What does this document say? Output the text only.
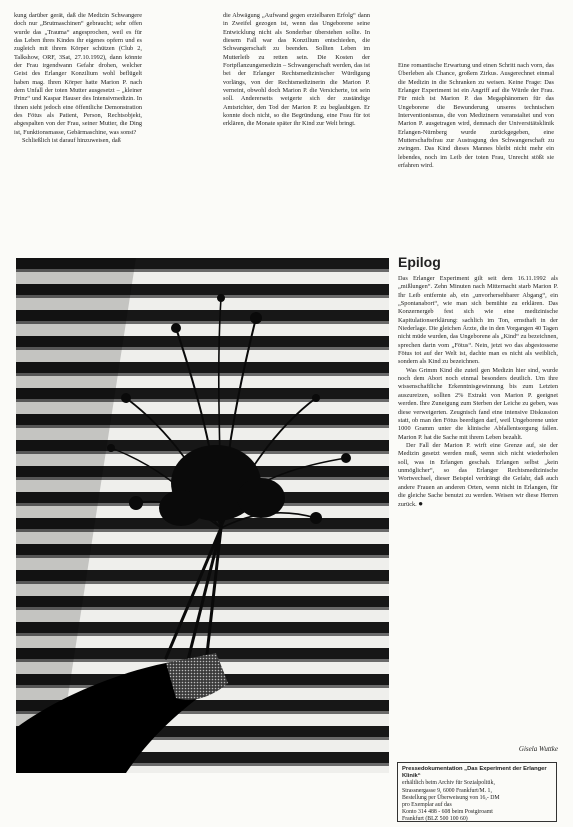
kung darüber gerät, daß die Medizin Schwangere doch nur „Brutmaschinen“ gebraucht; sehr offen wurde das „Trauma“ angesprochen, weil es für das Leben ihres Kindes ihr eigenes opfern und es zugleich mit ihrem Körper schützen (Club 2, Talkshow, ORF, 3Sat, 27.10.1992), dann könnte der Frau irgendwann Gefahr drohen, welcher Geist des Erlanger Konzilium wohl beflügelt haben mag. Ihren Körper hatte Marion P. nach dem Unfall der toten Mutter ausgesetzt – „kleiner Prinz“ und Kaspar Hauser des Intensivmedizin. In ihnen sieht jedoch eine öffentliche Demonstration des Fötus als Patient, Person, Rechtsobjekt, abgespalten von der Frau, seiner Mutter, die Ding ist, Funktionsmasse, Gebärmaschine, was sonst?

Schließlich ist darauf hinzuweisen, daß

die Abwägung „Aufwand gegen erzielbaren Erfolg“ dann in Zweifel gezogen ist, wenn das Ungeborene seine Entwicklung nicht als Sonderbar überstehen sollte. In diesem Fall war das Konzilium entschieden, die Schwangerschaft zu beenden. Sollten Leben im Mutterleib zu retten sein. Die Kosten der Fortpflanzungsmedizin – Schwangerschaft werden, das ist bei der Erlanger Rechtsmedizinischer Würdigung vorlängs, von der Rechtsmedizinerin die Marion P. verneint, obwohl doch Marion P. die Versicherte, tot sein soll. Andererseits weigerte sich der zuständige Amtsrichter, den Tod der Marion P. zu beglaubigen. Er konnte doch nicht, so die Begründung, eine Frau für tot erklären, die Monate später ihr Kind zur Welt bringt.

Eine romantische Erwartung und einen Schritt nach vorn, das Überleben als Chance, großem Zirkus. Ausgerechnet einmal die Medizin in die Schranken zu weisen. Keine Frage: Das Erlanger Experiment ist ein Angriff auf die Würde der Frau. Für mich ist Marion P. das Megaphänomen für das Ungeborene die Bewunderung unseres technischen Interventionismus, die von Medizinern veranstaltet und von Marion P. ausgetragen wird, demnach der Universitätsklinik Erlangen-Nürnberg wurde zurückgegeben, eine Mutterschaftsfrau zur Austragung des Schwangerschaft zu zwingen. Das Kind dieses Mannes bleibt nicht mehr ein lebendes, noch im Leib der toten Frau, Unrecht stößt sie erfahren wird.

Epilog

Das Erlanger Experiment gilt seit dem 16.11.1992 als „mißlungen“. Zehn Minuten nach Mitternacht starb Marion P. Ihr Leib entfernte ab, ein „unvorhersehbarer Abgang“, ein „Spontanabort“, wie man sich bemühte zu erklären. Das Konzernergeb fest sich wie eine medizinische Kapitulationserklärung: sachlich im Ton, ernsthaft in der Niederlage. Die gleichen Ärzte, die in den Vorgangen 40 Tagen nicht müde wurden, das Ungeborene als „Kind“ zu bezeichnen, sprechen darin vom „Fötus“. Nein, jetzt wo das abgestossene Fötus tot auf der Welt ist, dachte man es nicht als weiblich, sondern als Kind zu bezeichnen.

Was Grimm Kind die zuteil gen Medizin hier sind, wurde noch dem Abort noch einmal besonders deutlich. Um ihre wissenschaftliche Erkenntnisgewinnung bis zum Letzten auszureizen, sollten 2% Extrakt von Marion P. geeignet werden. Ihre Zuneigung zum Sterben der Leiche zu geben, was diese verweigerten. Zeugnisch fand eine intensive Diskussion statt, ob man den Fötus beerdigen darf, weil Ungeborene unter 1000 Gramm unter die klinische Abfallentsorgung fallen. Marion P. hat die Sache mit ihrem Leben bezahlt.

Der Fall der Marion P. wirft eine Grenze auf, sie der Medizin gesetzt werden muß, wenn sich nicht wiederholen soll, was in Erlangen geschah. Erlangen selbst „kein unmöglicher“, so das Erlanger Rechtsmedizinische Wortwechsel, dieser Beispiel verdrängt die Gefahr, daß auch andere Frauen an anderen Orten, wenn nicht in Erlangen, für die gleiche Sache benutzt zu werden. Weisen wir diese Herren zurück. ●

Gisela Wuttke

Pressedokumentation „Das Experiment der Erlanger Klinik“

erhältlich beim Archiv für Sozialpolitik,

Strassnergasse 9, 6000 Frankfurt/M. 1,

Bestellung per Überweisung von 16,- DM

pro Exemplar auf das

Konto 314 488 - 608 beim Postgiroamt

Frankfurt (BLZ 500 100 60)
